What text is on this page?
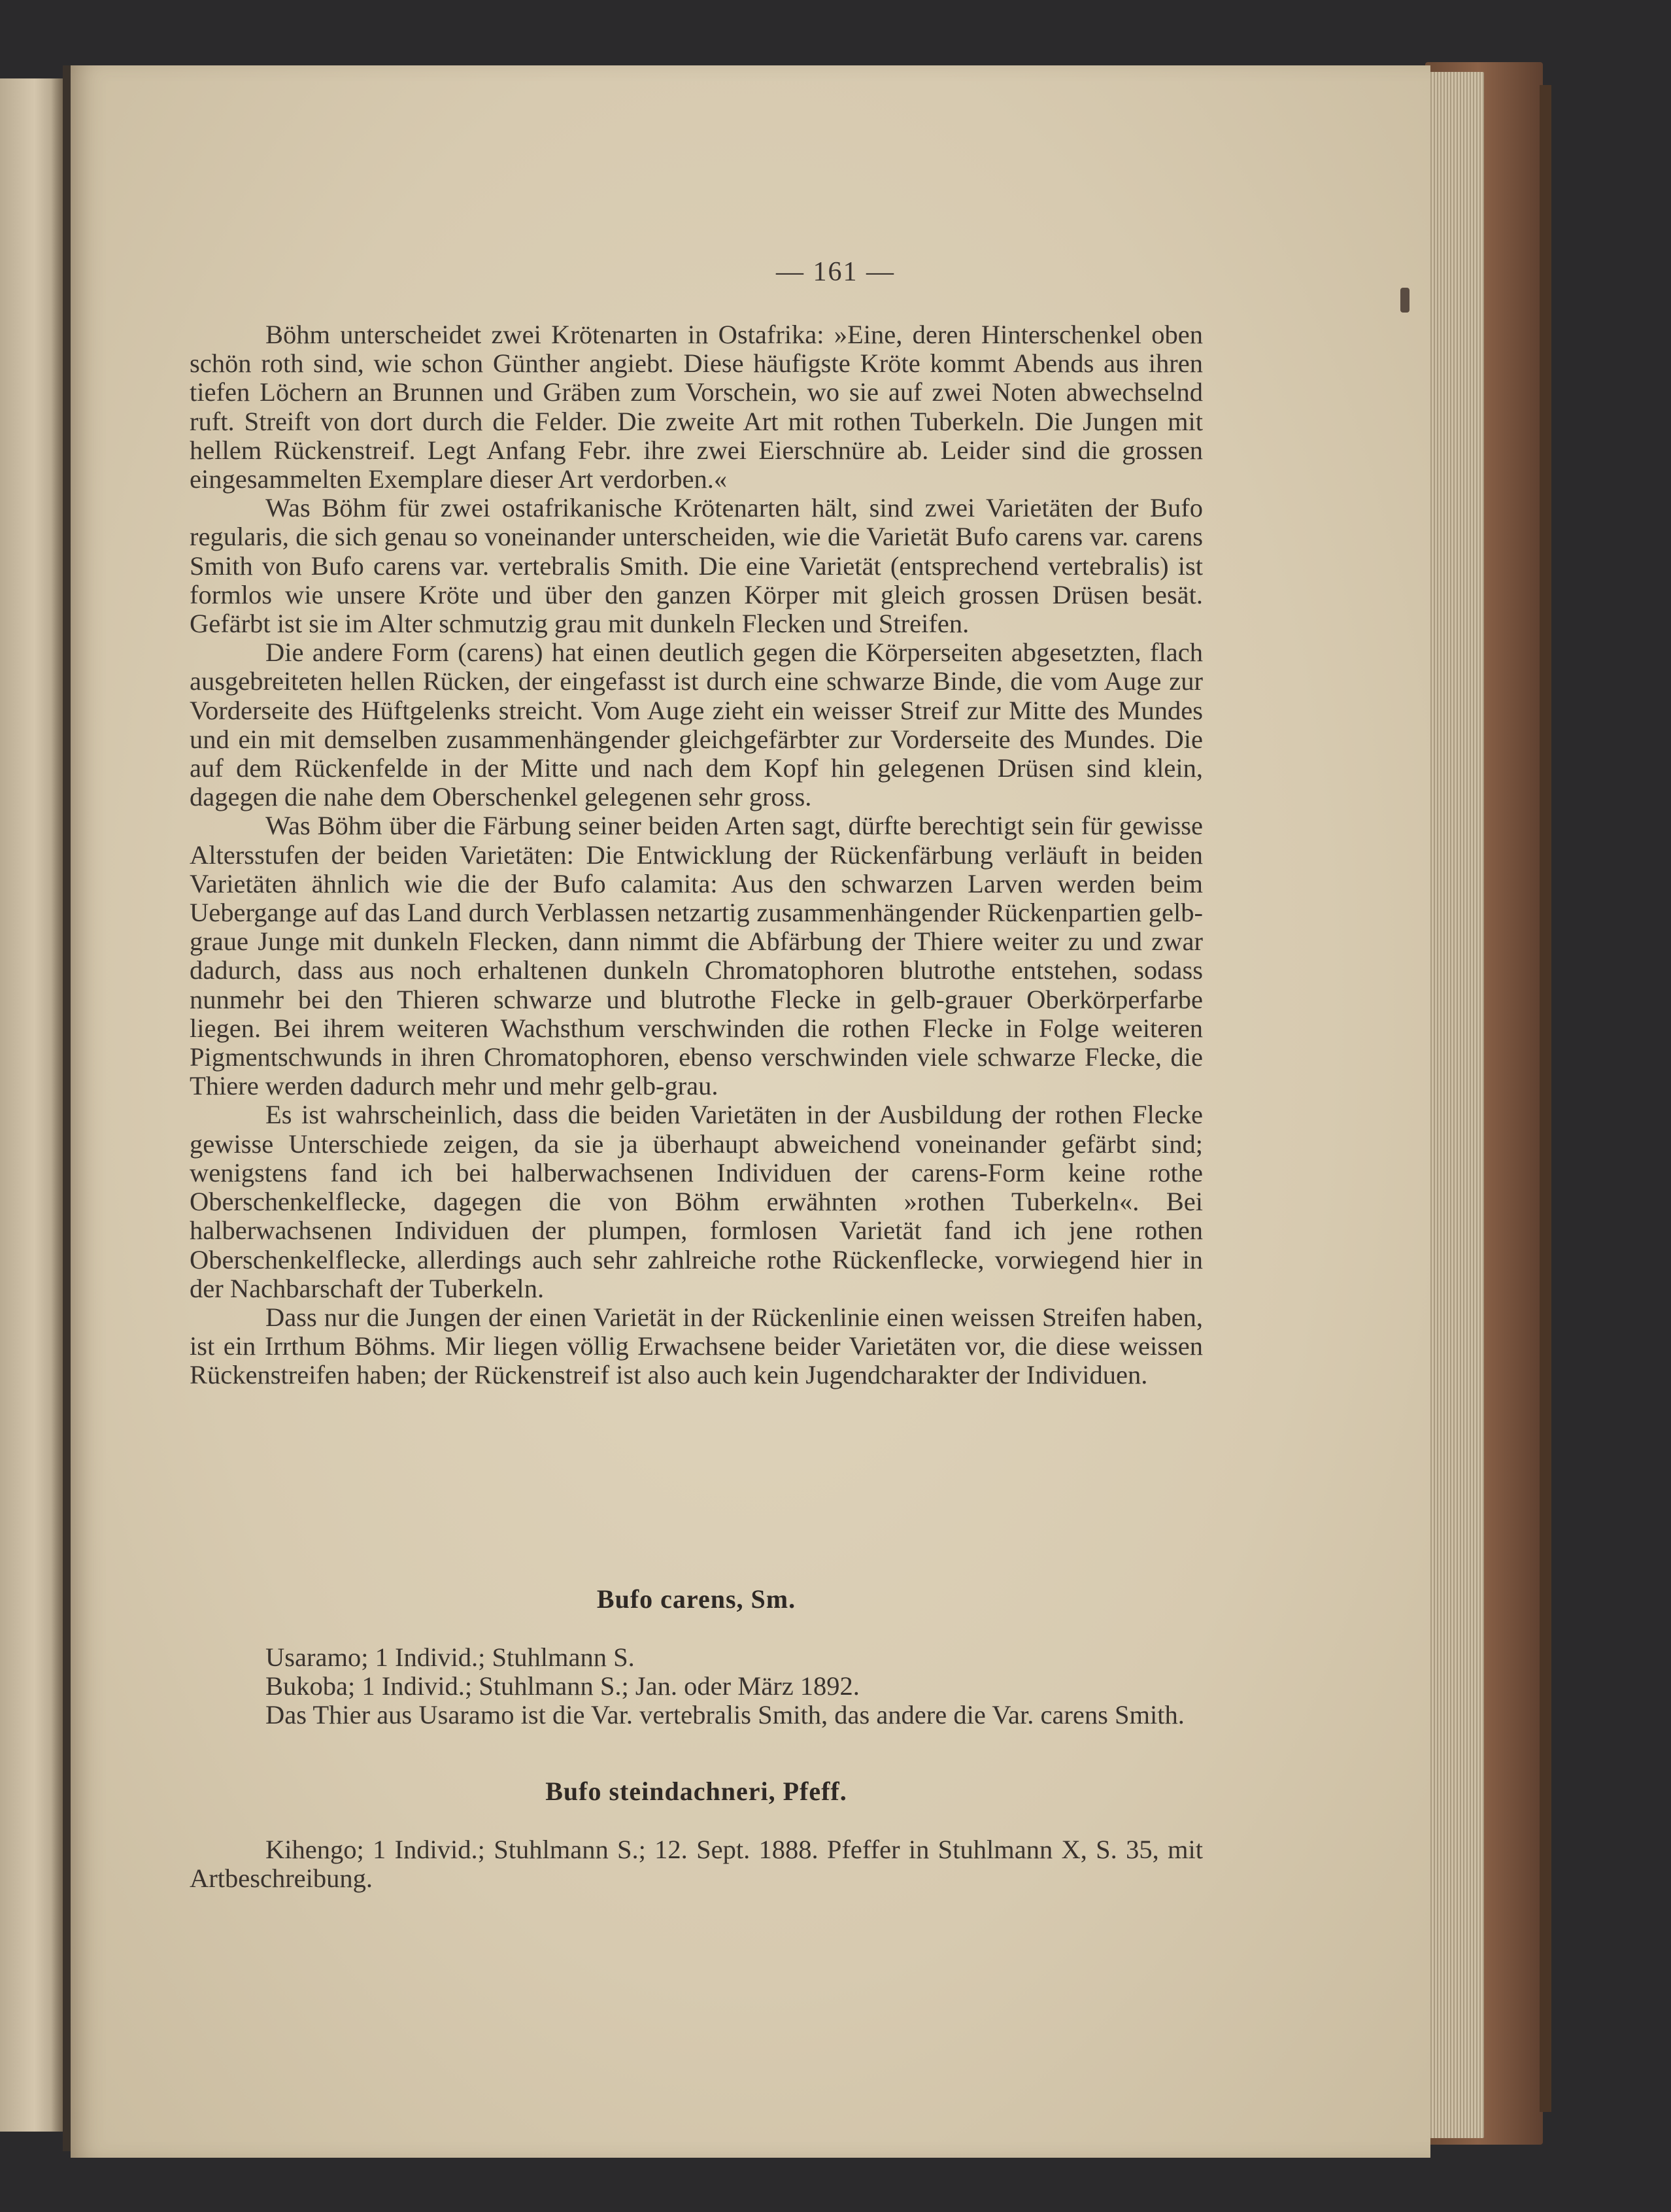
— 161 —

Böhm unterscheidet zwei Krötenarten in Ostafrika: »Eine, deren Hinterschenkel oben schön roth sind, wie schon Günther angiebt. Diese häufigste Kröte kommt Abends aus ihren tiefen Löchern an Brunnen und Gräben zum Vorschein, wo sie auf zwei Noten abwechselnd ruft. Streift von dort durch die Felder. Die zweite Art mit rothen Tuberkeln. Die Jungen mit hellem Rückenstreif. Legt Anfang Febr. ihre zwei Eierschnüre ab. Leider sind die grossen eingesammelten Exemplare dieser Art verdorben.«

Was Böhm für zwei ostafrikanische Krötenarten hält, sind zwei Varietäten der Bufo regularis, die sich genau so voneinander unterscheiden, wie die Varietät Bufo carens var. carens Smith von Bufo carens var. vertebralis Smith. Die eine Varietät (entsprechend vertebralis) ist formlos wie unsere Kröte und über den ganzen Körper mit gleich grossen Drüsen besät. Gefärbt ist sie im Alter schmutzig grau mit dunkeln Flecken und Streifen.

Die andere Form (carens) hat einen deutlich gegen die Körperseiten abgesetzten, flach ausgebreiteten hellen Rücken, der eingefasst ist durch eine schwarze Binde, die vom Auge zur Vorderseite des Hüftgelenks streicht. Vom Auge zieht ein weisser Streif zur Mitte des Mundes und ein mit demselben zusammenhängender gleichgefärbter zur Vorderseite des Mundes. Die auf dem Rückenfelde in der Mitte und nach dem Kopf hin gelegenen Drüsen sind klein, dagegen die nahe dem Oberschenkel gelegenen sehr gross.

Was Böhm über die Färbung seiner beiden Arten sagt, dürfte berechtigt sein für gewisse Altersstufen der beiden Varietäten: Die Entwicklung der Rückenfärbung verläuft in beiden Varietäten ähnlich wie die der Bufo calamita: Aus den schwarzen Larven werden beim Uebergange auf das Land durch Verblassen netzartig zusammenhängender Rückenpartien gelb-graue Junge mit dunkeln Flecken, dann nimmt die Abfärbung der Thiere weiter zu und zwar dadurch, dass aus noch erhaltenen dunkeln Chromatophoren blutrothe entstehen, sodass nunmehr bei den Thieren schwarze und blutrothe Flecke in gelb-grauer Oberkörperfarbe liegen. Bei ihrem weiteren Wachsthum verschwinden die rothen Flecke in Folge weiteren Pigmentschwunds in ihren Chromatophoren, ebenso verschwinden viele schwarze Flecke, die Thiere werden dadurch mehr und mehr gelb-grau.

Es ist wahrscheinlich, dass die beiden Varietäten in der Ausbildung der rothen Flecke gewisse Unterschiede zeigen, da sie ja überhaupt abweichend voneinander gefärbt sind; wenigstens fand ich bei halberwachsenen Individuen der carens-Form keine rothe Oberschenkelflecke, dagegen die von Böhm erwähnten »rothen Tuberkeln«. Bei halberwachsenen Individuen der plumpen, formlosen Varietät fand ich jene rothen Oberschenkelflecke, allerdings auch sehr zahlreiche rothe Rückenflecke, vorwiegend hier in der Nachbarschaft der Tuberkeln.

Dass nur die Jungen der einen Varietät in der Rückenlinie einen weissen Streifen haben, ist ein Irrthum Böhms. Mir liegen völlig Erwachsene beider Varietäten vor, die diese weissen Rückenstreifen haben; der Rückenstreif ist also auch kein Jugendcharakter der Individuen.

Bufo carens, Sm.

Usaramo; 1 Individ.; Stuhlmann S.

Bukoba; 1 Individ.; Stuhlmann S.; Jan. oder März 1892.

Das Thier aus Usaramo ist die Var. vertebralis Smith, das andere die Var. carens Smith.

Bufo steindachneri, Pfeff.

Kihengo; 1 Individ.; Stuhlmann S.; 12. Sept. 1888. Pfeffer in Stuhlmann X, S. 35, mit Artbeschreibung.
